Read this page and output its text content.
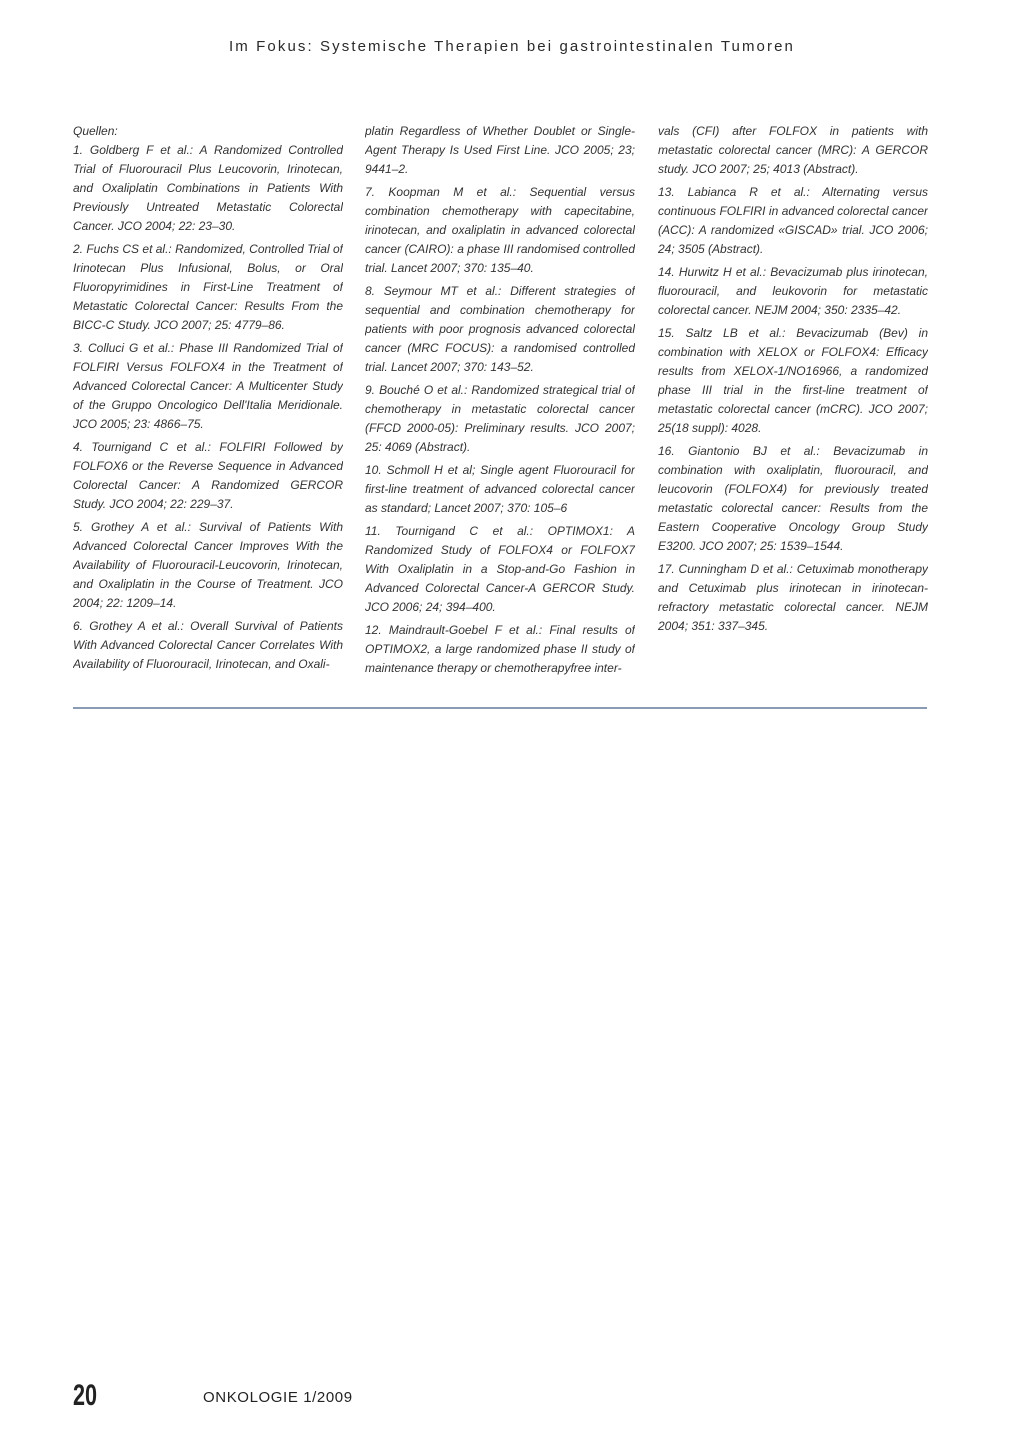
Im Fokus: Systemische Therapien bei gastrointestinalen Tumoren

Quellen:

1. Goldberg F et al.: A Randomized Controlled Trial of Fluorouracil Plus Leucovorin, Irinotecan, and Oxaliplatin Combinations in Patients With Previously Untreated Metastatic Colorectal Cancer. JCO 2004; 22: 23–30.

2. Fuchs CS et al.: Randomized, Controlled Trial of Irinotecan Plus Infusional, Bolus, or Oral Fluoropyrimidines in First-Line Treatment of Metastatic Colorectal Cancer: Results From the BICC-C Study. JCO 2007; 25: 4779–86.

3. Colluci G et al.: Phase III Randomized Trial of FOLFIRI Versus FOLFOX4 in the Treatment of Advanced Colorectal Cancer: A Multicenter Study of the Gruppo Oncologico Dell'Italia Meridionale. JCO 2005; 23: 4866–75.

4. Tournigand C et al.: FOLFIRI Followed by FOLFOX6 or the Reverse Sequence in Advanced Colorectal Cancer: A Randomized GERCOR Study. JCO 2004; 22: 229–37.

5. Grothey A et al.: Survival of Patients With Advanced Colorectal Cancer Improves With the Availability of Fluorouracil-Leucovorin, Irinotecan, and Oxaliplatin in the Course of Treatment. JCO 2004; 22: 1209–14.

6. Grothey A et al.: Overall Survival of Patients With Advanced Colorectal Cancer Correlates With Availability of Fluorouracil, Irinotecan, and Oxali-

platin Regardless of Whether Doublet or Single-Agent Therapy Is Used First Line. JCO 2005; 23; 9441–2.

7. Koopman M et al.: Sequential versus combination chemotherapy with capecitabine, irinotecan, and oxaliplatin in advanced colorectal cancer (CAIRO): a phase III randomised controlled trial. Lancet 2007; 370: 135–40.

8. Seymour MT et al.: Different strategies of sequential and combination chemotherapy for patients with poor prognosis advanced colorectal cancer (MRC FOCUS): a randomised controlled trial. Lancet 2007; 370: 143–52.

9. Bouché O et al.: Randomized strategical trial of chemotherapy in metastatic colorectal cancer (FFCD 2000-05): Preliminary results. JCO 2007; 25: 4069 (Abstract).

10. Schmoll H et al; Single agent Fluorouracil for first-line treatment of advanced colorectal cancer as standard; Lancet 2007; 370: 105–6

11. Tournigand C et al.: OPTIMOX1: A Randomized Study of FOLFOX4 or FOLFOX7 With Oxaliplatin in a Stop-and-Go Fashion in Advanced Colorectal Cancer-A GERCOR Study. JCO 2006; 24; 394–400.

12. Maindrault-Goebel F et al.: Final results of OPTIMOX2, a large randomized phase II study of maintenance therapy or chemotherapyfree inter-

vals (CFI) after FOLFOX in patients with metastatic colorectal cancer (MRC): A GERCOR study. JCO 2007; 25; 4013 (Abstract).

13. Labianca R et al.: Alternating versus continuous FOLFIRI in advanced colorectal cancer (ACC): A randomized «GISCAD» trial. JCO 2006; 24; 3505 (Abstract).

14. Hurwitz H et al.: Bevacizumab plus irinotecan, fluorouracil, and leukovorin for metastatic colorectal cancer. NEJM 2004; 350: 2335–42.

15. Saltz LB et al.: Bevacizumab (Bev) in combination with XELOX or FOLFOX4: Efficacy results from XELOX-1/NO16966, a randomized phase III trial in the first-line treatment of metastatic colorectal cancer (mCRC). JCO 2007; 25(18 suppl): 4028.

16. Giantonio BJ et al.: Bevacizumab in combination with oxaliplatin, fluorouracil, and leucovorin (FOLFOX4) for previously treated metastatic colorectal cancer: Results from the Eastern Cooperative Oncology Group Study E3200. JCO 2007; 25: 1539–1544.

17. Cunningham D et al.: Cetuximab monotherapy and Cetuximab plus irinotecan in irinotecan-refractory metastatic colorectal cancer. NEJM 2004; 351: 337–345.

20	ONKOLOGIE 1/2009
